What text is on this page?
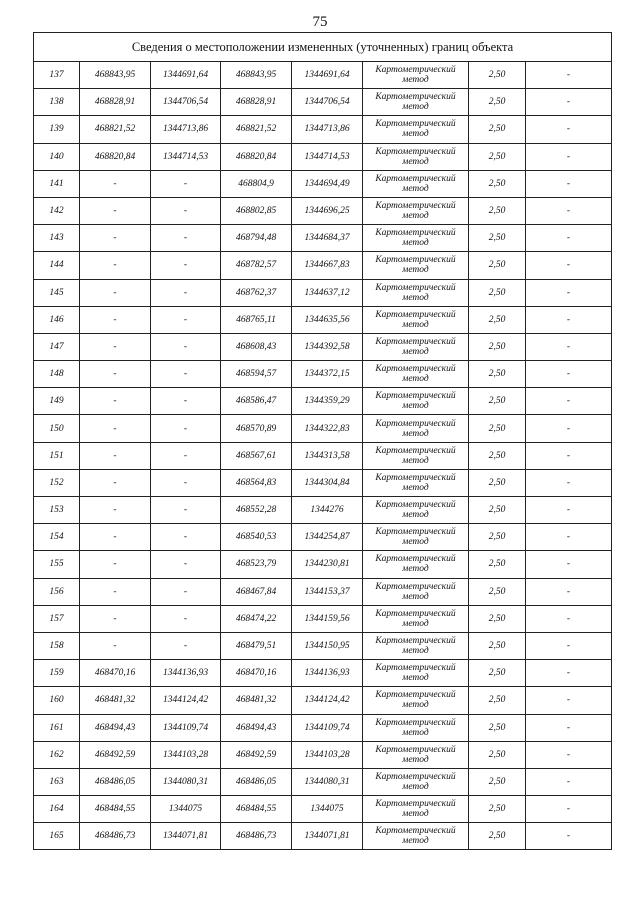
75
Сведения о местоположении измененных (уточненных) границ объекта							
137	468843,95	1344691,64	468843,95	1344691,64	Картометрический метод	2,50	-
138	468828,91	1344706,54	468828,91	1344706,54	Картометрический метод	2,50	-
139	468821,52	1344713,86	468821,52	1344713,86	Картометрический метод	2,50	-
140	468820,84	1344714,53	468820,84	1344714,53	Картометрический метод	2,50	-
141	-	-	468804,9	1344694,49	Картометрический метод	2,50	-
142	-	-	468802,85	1344696,25	Картометрический метод	2,50	-
143	-	-	468794,48	1344684,37	Картометрический метод	2,50	-
144	-	-	468782,57	1344667,83	Картометрический метод	2,50	-
145	-	-	468762,37	1344637,12	Картометрический метод	2,50	-
146	-	-	468765,11	1344635,56	Картометрический метод	2,50	-
147	-	-	468608,43	1344392,58	Картометрический метод	2,50	-
148	-	-	468594,57	1344372,15	Картометрический метод	2,50	-
149	-	-	468586,47	1344359,29	Картометрический метод	2,50	-
150	-	-	468570,89	1344322,83	Картометрический метод	2,50	-
151	-	-	468567,61	1344313,58	Картометрический метод	2,50	-
152	-	-	468564,83	1344304,84	Картометрический метод	2,50	-
153	-	-	468552,28	1344276	Картометрический метод	2,50	-
154	-	-	468540,53	1344254,87	Картометрический метод	2,50	-
155	-	-	468523,79	1344230,81	Картометрический метод	2,50	-
156	-	-	468467,84	1344153,37	Картометрический метод	2,50	-
157	-	-	468474,22	1344159,56	Картометрический метод	2,50	-
158	-	-	468479,51	1344150,95	Картометрический метод	2,50	-
159	468470,16	1344136,93	468470,16	1344136,93	Картометрический метод	2,50	-
160	468481,32	1344124,42	468481,32	1344124,42	Картометрический метод	2,50	-
161	468494,43	1344109,74	468494,43	1344109,74	Картометрический метод	2,50	-
162	468492,59	1344103,28	468492,59	1344103,28	Картометрический метод	2,50	-
163	468486,05	1344080,31	468486,05	1344080,31	Картометрический метод	2,50	-
164	468484,55	1344075	468484,55	1344075	Картометрический метод	2,50	-
165	468486,73	1344071,81	468486,73	1344071,81	Картометрический метод	2,50	-
